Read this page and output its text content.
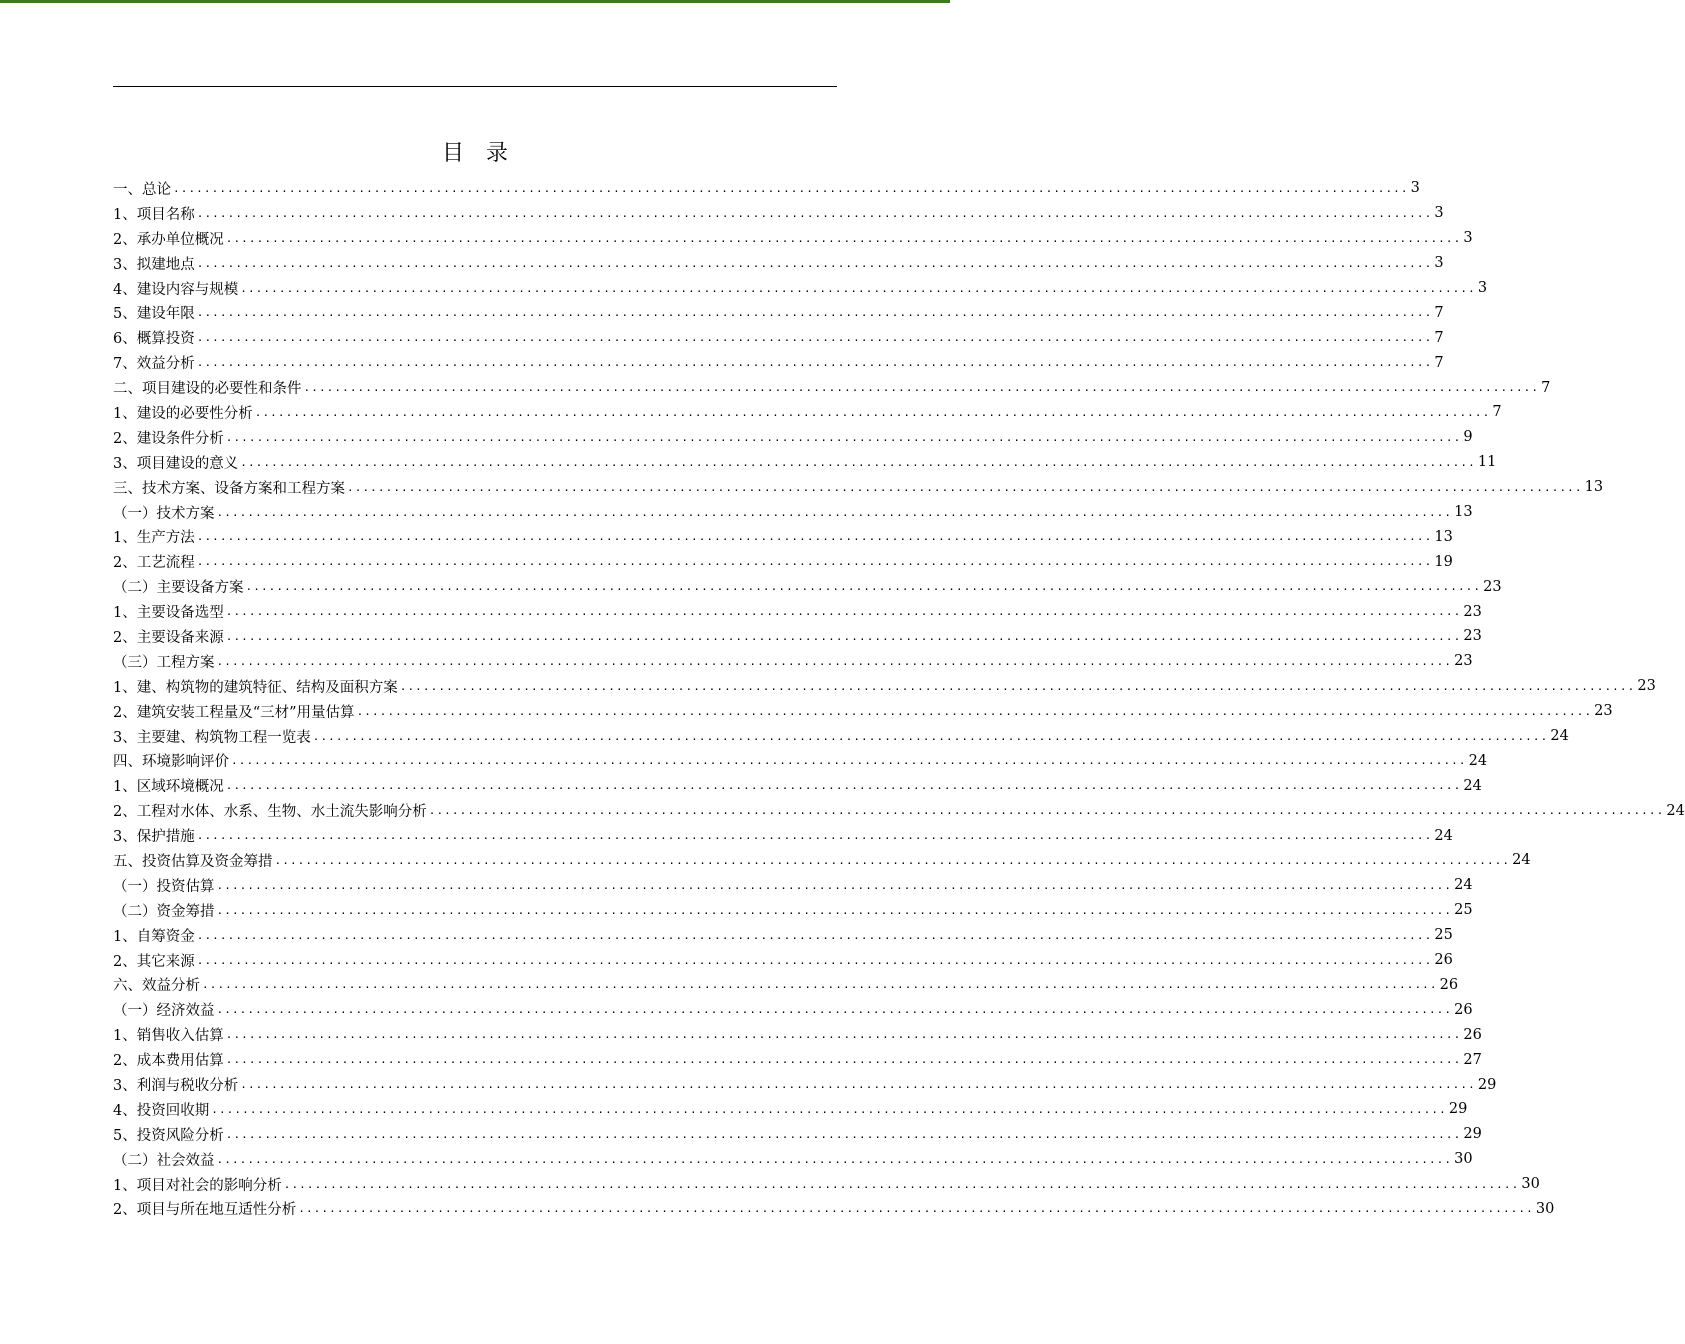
目录
一、总论 ................................................................................................................................................................ 3
1、项目名称 ................................................................................................................................................................ 3
2、承办单位概况 ................................................................................................................................................................ 3
3、拟建地点 ................................................................................................................................................................ 3
4、建设内容与规模 ................................................................................................................................................................ 3
5、建设年限 ................................................................................................................................................................ 7
6、概算投资 ................................................................................................................................................................ 7
7、效益分析 ................................................................................................................................................................ 7
二、项目建设的必要性和条件 ................................................................................................................................................................ 7
1、建设的必要性分析 ................................................................................................................................................................ 7
2、建设条件分析 ................................................................................................................................................................ 9
3、项目建设的意义 ................................................................................................................................................................ 11
三、技术方案、设备方案和工程方案 ................................................................................................................................................................ 13
（一）技术方案 ................................................................................................................................................................ 13
1、生产方法 ................................................................................................................................................................ 13
2、工艺流程 ................................................................................................................................................................ 19
（二）主要设备方案 ................................................................................................................................................................ 23
1、主要设备选型 ................................................................................................................................................................ 23
2、主要设备来源 ................................................................................................................................................................ 23
（三）工程方案 ................................................................................................................................................................ 23
1、建、构筑物的建筑特征、结构及面积方案 ................................................................................................................................................................ 23
2、建筑安装工程量及“三材”用量估算 ................................................................................................................................................................ 23
3、主要建、构筑物工程一览表 ................................................................................................................................................................ 24
四、环境影响评价 ................................................................................................................................................................ 24
1、区域环境概况 ................................................................................................................................................................ 24
2、工程对水体、水系、生物、水土流失影响分析 ................................................................................................................................................................ 24
3、保护措施 ................................................................................................................................................................ 24
五、投资估算及资金筹措 ................................................................................................................................................................ 24
（一）投资估算 ................................................................................................................................................................ 24
（二）资金筹措 ................................................................................................................................................................ 25
1、自筹资金 ................................................................................................................................................................ 25
2、其它来源 ................................................................................................................................................................ 26
六、效益分析 ................................................................................................................................................................ 26
（一）经济效益 ................................................................................................................................................................ 26
1、销售收入估算 ................................................................................................................................................................ 26
2、成本费用估算 ................................................................................................................................................................ 27
3、利润与税收分析 ................................................................................................................................................................ 29
4、投资回收期 ................................................................................................................................................................ 29
5、投资风险分析 ................................................................................................................................................................ 29
（二）社会效益 ................................................................................................................................................................ 30
1、项目对社会的影响分析 ................................................................................................................................................................ 30
2、项目与所在地互适性分析 ................................................................................................................................................................ 30
